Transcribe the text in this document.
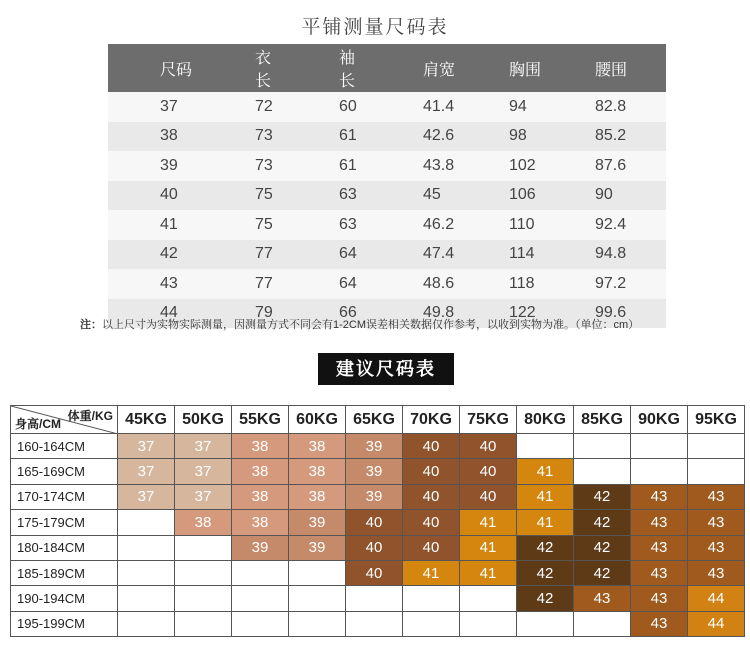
平铺测量尺码表
尺码	衣长	袖长	肩宽	胸围	腰围

37	72	60	41.4	94	82.8

38	73	61	42.6	98	85.2

39	73	61	43.8	102	87.6

40	75	63	45	106	90

41	75	63	46.2	110	92.4

42	77	64	47.4	114	94.8

43	77	64	48.6	118	97.2

44	79	66	49.8	122	99.6
注：以上尺寸为实物实际测量，因测量方式不同会有1-2CM误差相关数据仅作参考，以收到实物为准。（单位：cm）
建议尺码表
体重/KG
身高/CM	45KG	50KG	55KG	60KG	65KG	70KG	75KG	80KG	85KG	90KG	95KG
160-164CM	37	37	38	38	39	40	40				
165-169CM	37	37	38	38	39	40	40	41			
170-174CM	37	37	38	38	39	40	40	41	42	43	43
175-179CM		38	38	39	40	40	41	41	42	43	43
180-184CM			39	39	40	40	41	42	42	43	43
185-189CM					40	41	41	42	42	43	43
190-194CM								42	43	43	44
195-199CM										43	44
